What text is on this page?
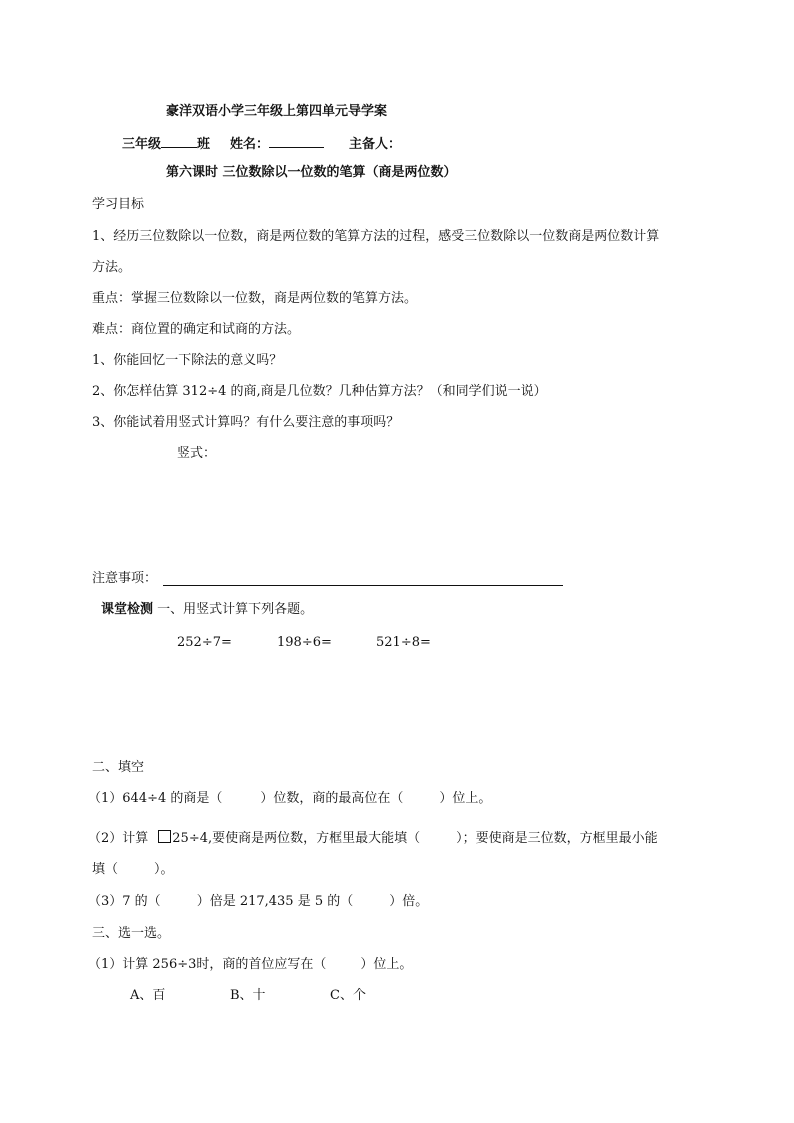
豪洋双语小学三年级上第四单元导学案
三年级	班 姓名：	主备人：
第六课时 三位数除以一位数的笔算（商是两位数）
学习目标
1、经历三位数除以一位数，商是两位数的笔算方法的过程，感受三位数除以一位数商是两位数计算
方法。
重点：掌握三位数除以一位数，商是两位数的笔算方法。
难点：商位置的确定和试商的方法。
1、你能回忆一下除法的意义吗？
2、你怎样估算 312÷4 的商,商是几位数？几种估算方法？（和同学们说一说）
3、你能试着用竖式计算吗？有什么要注意的事项吗？
竖式：
注意事项：
课堂检测 一、用竖式计算下列各题。
252÷7=	198÷6=	521÷8=
二、填空
（1）644÷4 的商是（	）位数，商的最高位在（	）位上。
（2）计算 25÷4,要使商是两位数，方框里最大能填（	）；要使商是三位数，方框里最小能
填（	）。
（3）7 的（	）倍是 217,435 是 5 的（	）倍。
三、选一选。
（1）计算 256÷3时，商的首位应写在（	）位上。
A、百	B、十	C、个
